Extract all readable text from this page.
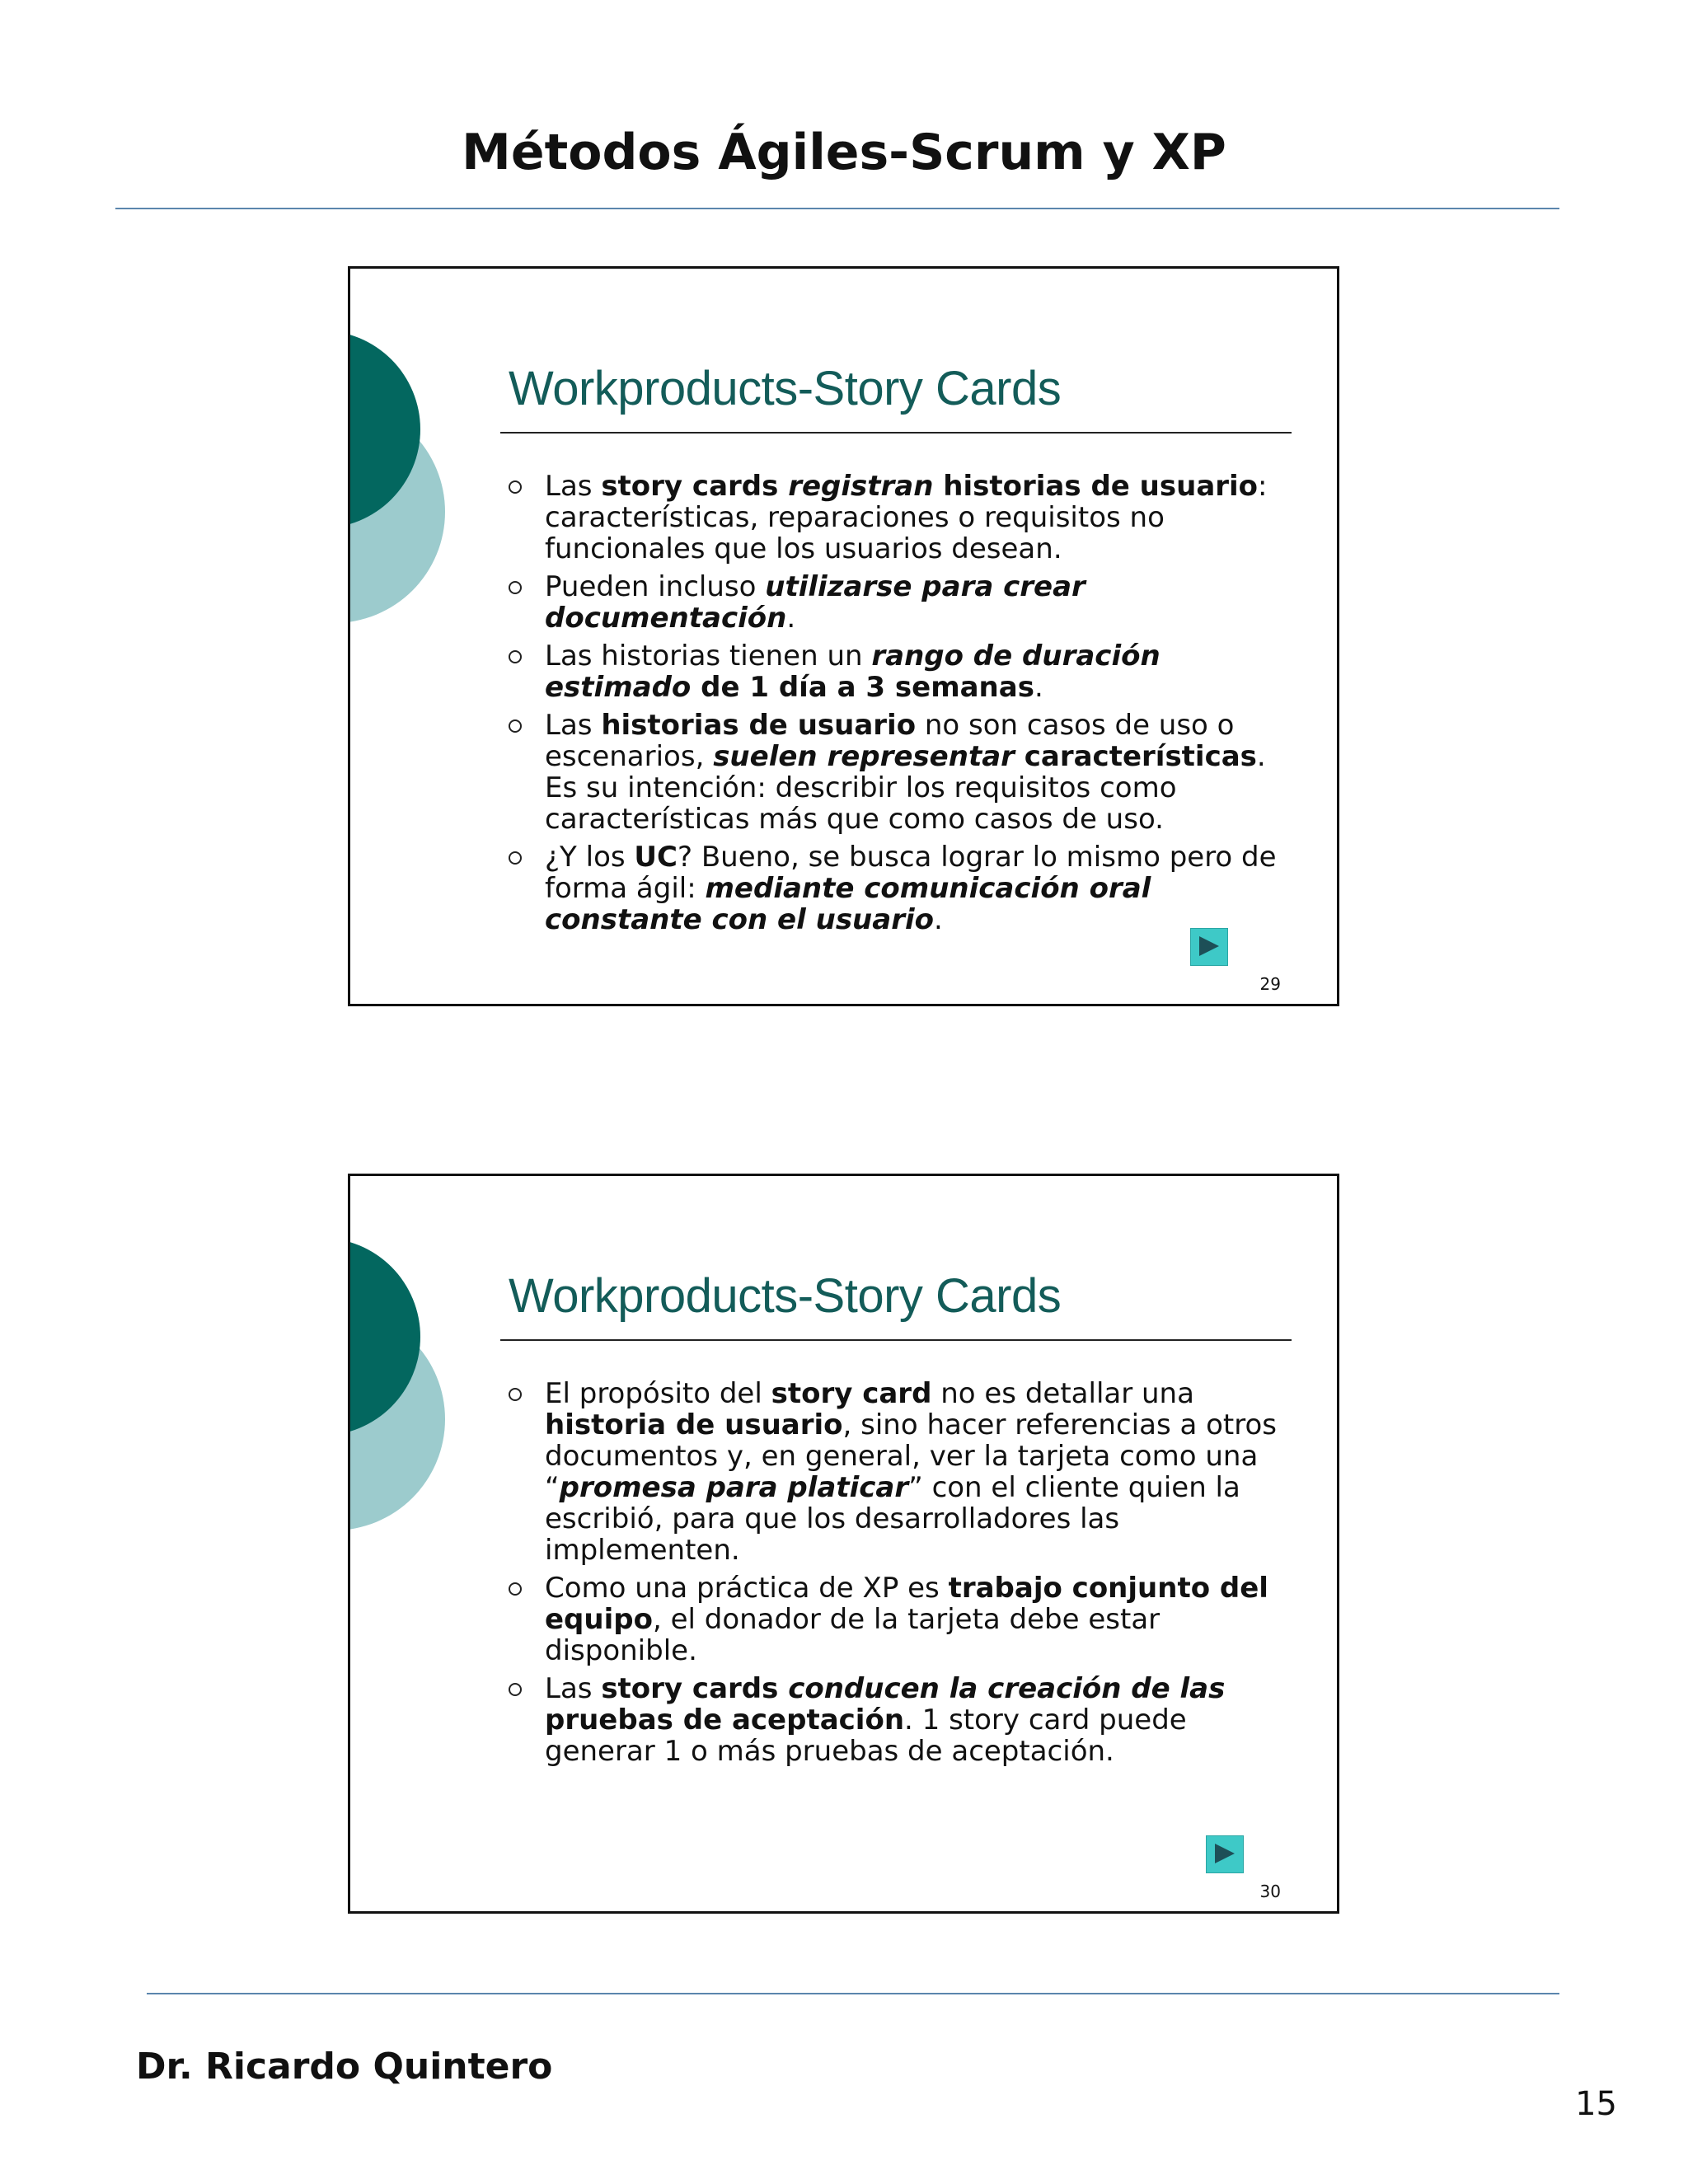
Métodos Ágiles-Scrum y XP
Workproducts-Story Cards
Las story cards registran historias de usuario: características, reparaciones o requisitos no funcionales que los usuarios desean.
Pueden incluso utilizarse para crear documentación.
Las historias tienen un rango de duración estimado de 1 día a 3 semanas.
Las historias de usuario no son casos de uso o escenarios, suelen representar características. Es su intención: describir los requisitos como características más que como casos de uso.
¿Y los UC? Bueno, se busca lograr lo mismo pero de forma ágil: mediante comunicación oral constante con el usuario.
29
Workproducts-Story Cards
El propósito del story card no es detallar una historia de usuario, sino hacer referencias a otros documentos y, en general, ver la tarjeta como una “promesa para platicar” con el cliente quien la escribió, para que los desarrolladores las implementen.
Como una práctica de XP es trabajo conjunto del equipo, el donador de la tarjeta debe estar disponible.
Las story cards conducen la creación de las pruebas de aceptación. 1 story card puede generar 1 o más pruebas de aceptación.
30
Dr. Ricardo Quintero
15
